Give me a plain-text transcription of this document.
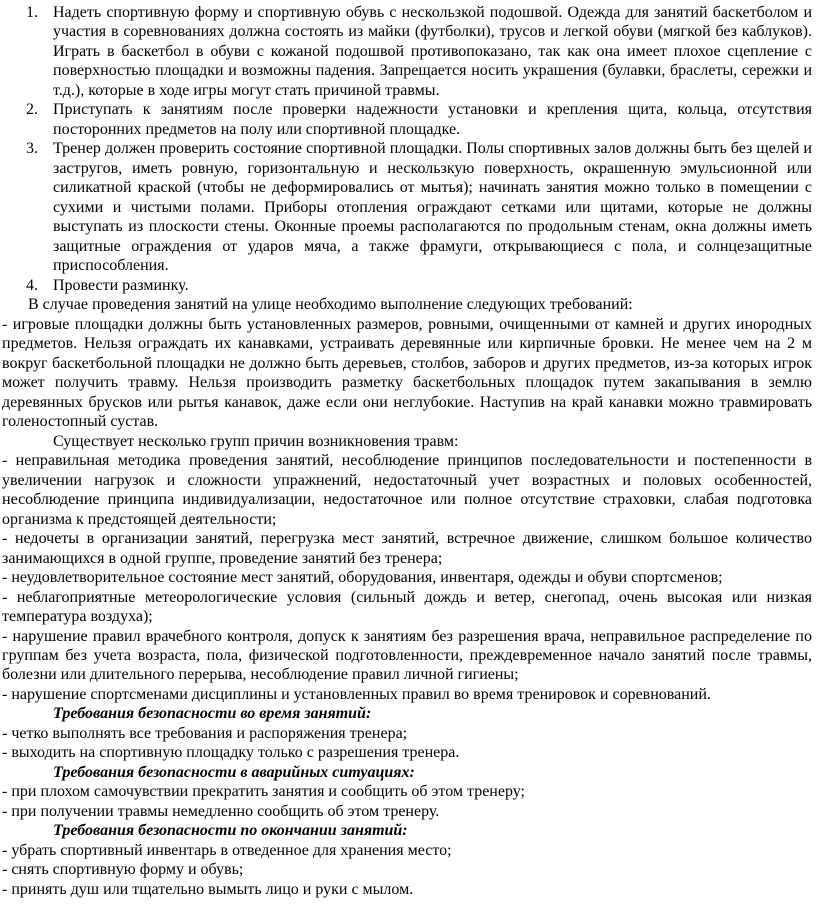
1. Надеть спортивную форму и спортивную обувь с нескользкой подошвой. Одежда для занятий баскетболом и участия в соревнованиях должна состоять из майки (футболки), трусов и легкой обуви (мягкой без каблуков). Играть в баскетбол в обуви с кожаной подошвой противопоказано, так как она имеет плохое сцепление с поверхностью площадки и возможны падения. Запрещается носить украшения (булавки, браслеты, сережки и т.д.), которые в ходе игры могут стать причиной травмы.
2. Приступать к занятиям после проверки надежности установки и крепления щита, кольца, отсутствия посторонних предметов на полу или спортивной площадке.
3. Тренер должен проверить состояние спортивной площадки. Полы спортивных залов должны быть без щелей и застругов, иметь ровную, горизонтальную и нескользкую поверхность, окрашенную эмульсионной или силикатной краской (чтобы не деформировались от мытья); начинать занятия можно только в помещении с сухими и чистыми полами. Приборы отопления ограждают сетками или щитами, которые не должны выступать из плоскости стены. Оконные проемы располагаются по продольным стенам, окна должны иметь защитные ограждения от ударов мяча, а также фрамуги, открывающиеся с пола, и солнцезащитные приспособления.
4. Провести разминку.

В случае проведения занятий на улице необходимо выполнение следующих требований:

- игровые площадки должны быть установленных размеров, ровными, очищенными от камней и других инородных предметов. Нельзя ограждать их канавками, устраивать деревянные или кирпичные бровки. Не менее чем на 2 м вокруг баскетбольной площадки не должно быть деревьев, столбов, заборов и других предметов, из-за которых игрок может получить травму. Нельзя производить разметку баскетбольных площадок путем закапывания в землю деревянных брусков или рытья канавок, даже если они неглубокие. Наступив на край канавки можно травмировать голеностопный сустав.

Существует несколько групп причин возникновения травм:

- неправильная методика проведения занятий, несоблюдение принципов последовательности и постепенности в увеличении нагрузок и сложности упражнений, недостаточный учет возрастных и половых особенностей, несоблюдение принципа индивидуализации, недостаточное или полное отсутствие страховки, слабая подготовка организма к предстоящей деятельности;

- недочеты в организации занятий, перегрузка мест занятий, встречное движение, слишком большое количество занимающихся в одной группе, проведение занятий без тренера;

- неудовлетворительное состояние мест занятий, оборудования, инвентаря, одежды и обуви спортсменов;

- неблагоприятные метеорологические условия (сильный дождь и ветер, снегопад, очень высокая или низкая температура воздуха);

- нарушение правил врачебного контроля, допуск к занятиям без разрешения врача, неправильное распределение по группам без учета возраста, пола, физической подготовленности, преждевременное начало занятий после травмы, болезни или длительного перерыва, несоблюдение правил личной гигиены;

- нарушение спортсменами дисциплины и установленных правил во время тренировок и соревнований.

Требования безопасности во время занятий:

- четко выполнять все требования и распоряжения тренера;

- выходить на спортивную площадку только с разрешения тренера.

Требования безопасности в аварийных ситуациях:

- при плохом самочувствии прекратить занятия и сообщить об этом тренеру;

- при получении травмы немедленно сообщить об этом тренеру.

Требования безопасности по окончании занятий:

- убрать спортивный инвентарь в отведенное для хранения место;

- снять спортивную форму и обувь;

- принять душ или тщательно вымыть лицо и руки с мылом.
